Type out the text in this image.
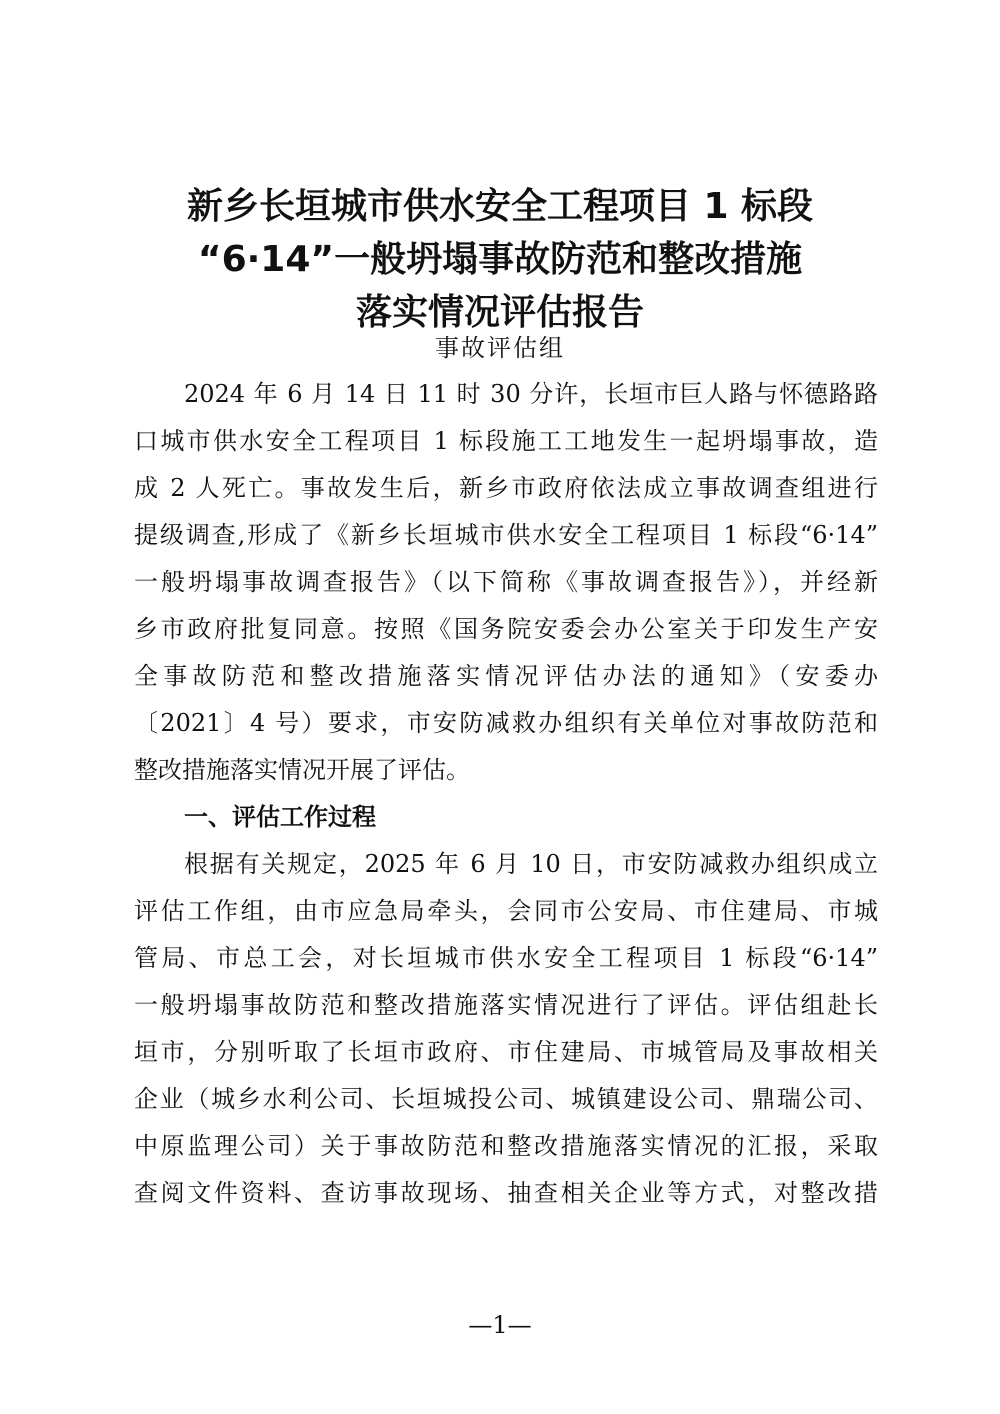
新乡长垣城市供水安全工程项目 1 标段
“6·14”一般坍塌事故防范和整改措施
落实情况评估报告
事故评估组
2024 年 6 月 14 日 11 时 30 分许，长垣市巨人路与怀德路路
口城市供水安全工程项目 1 标段施工工地发生一起坍塌事故，造
成 2 人死亡。事故发生后，新乡市政府依法成立事故调查组进行
提级调查,形成了《新乡长垣城市供水安全工程项目 1 标段“6·14”
一般坍塌事故调查报告》（以下简称《事故调查报告》），并经新
乡市政府批复同意。按照《国务院安委会办公室关于印发生产安
全事故防范和整改措施落实情况评估办法的通知》（安委办
〔2021〕4 号）要求，市安防减救办组织有关单位对事故防范和
整改措施落实情况开展了评估。
一、评估工作过程
根据有关规定，2025 年 6 月 10 日，市安防减救办组织成立
评估工作组，由市应急局牵头，会同市公安局、市住建局、市城
管局、市总工会，对长垣城市供水安全工程项目 1 标段“6·14”
一般坍塌事故防范和整改措施落实情况进行了评估。评估组赴长
垣市，分别听取了长垣市政府、市住建局、市城管局及事故相关
企业（城乡水利公司、长垣城投公司、城镇建设公司、鼎瑞公司、
中原监理公司）关于事故防范和整改措施落实情况的汇报，采取
查阅文件资料、查访事故现场、抽查相关企业等方式，对整改措
—1—
